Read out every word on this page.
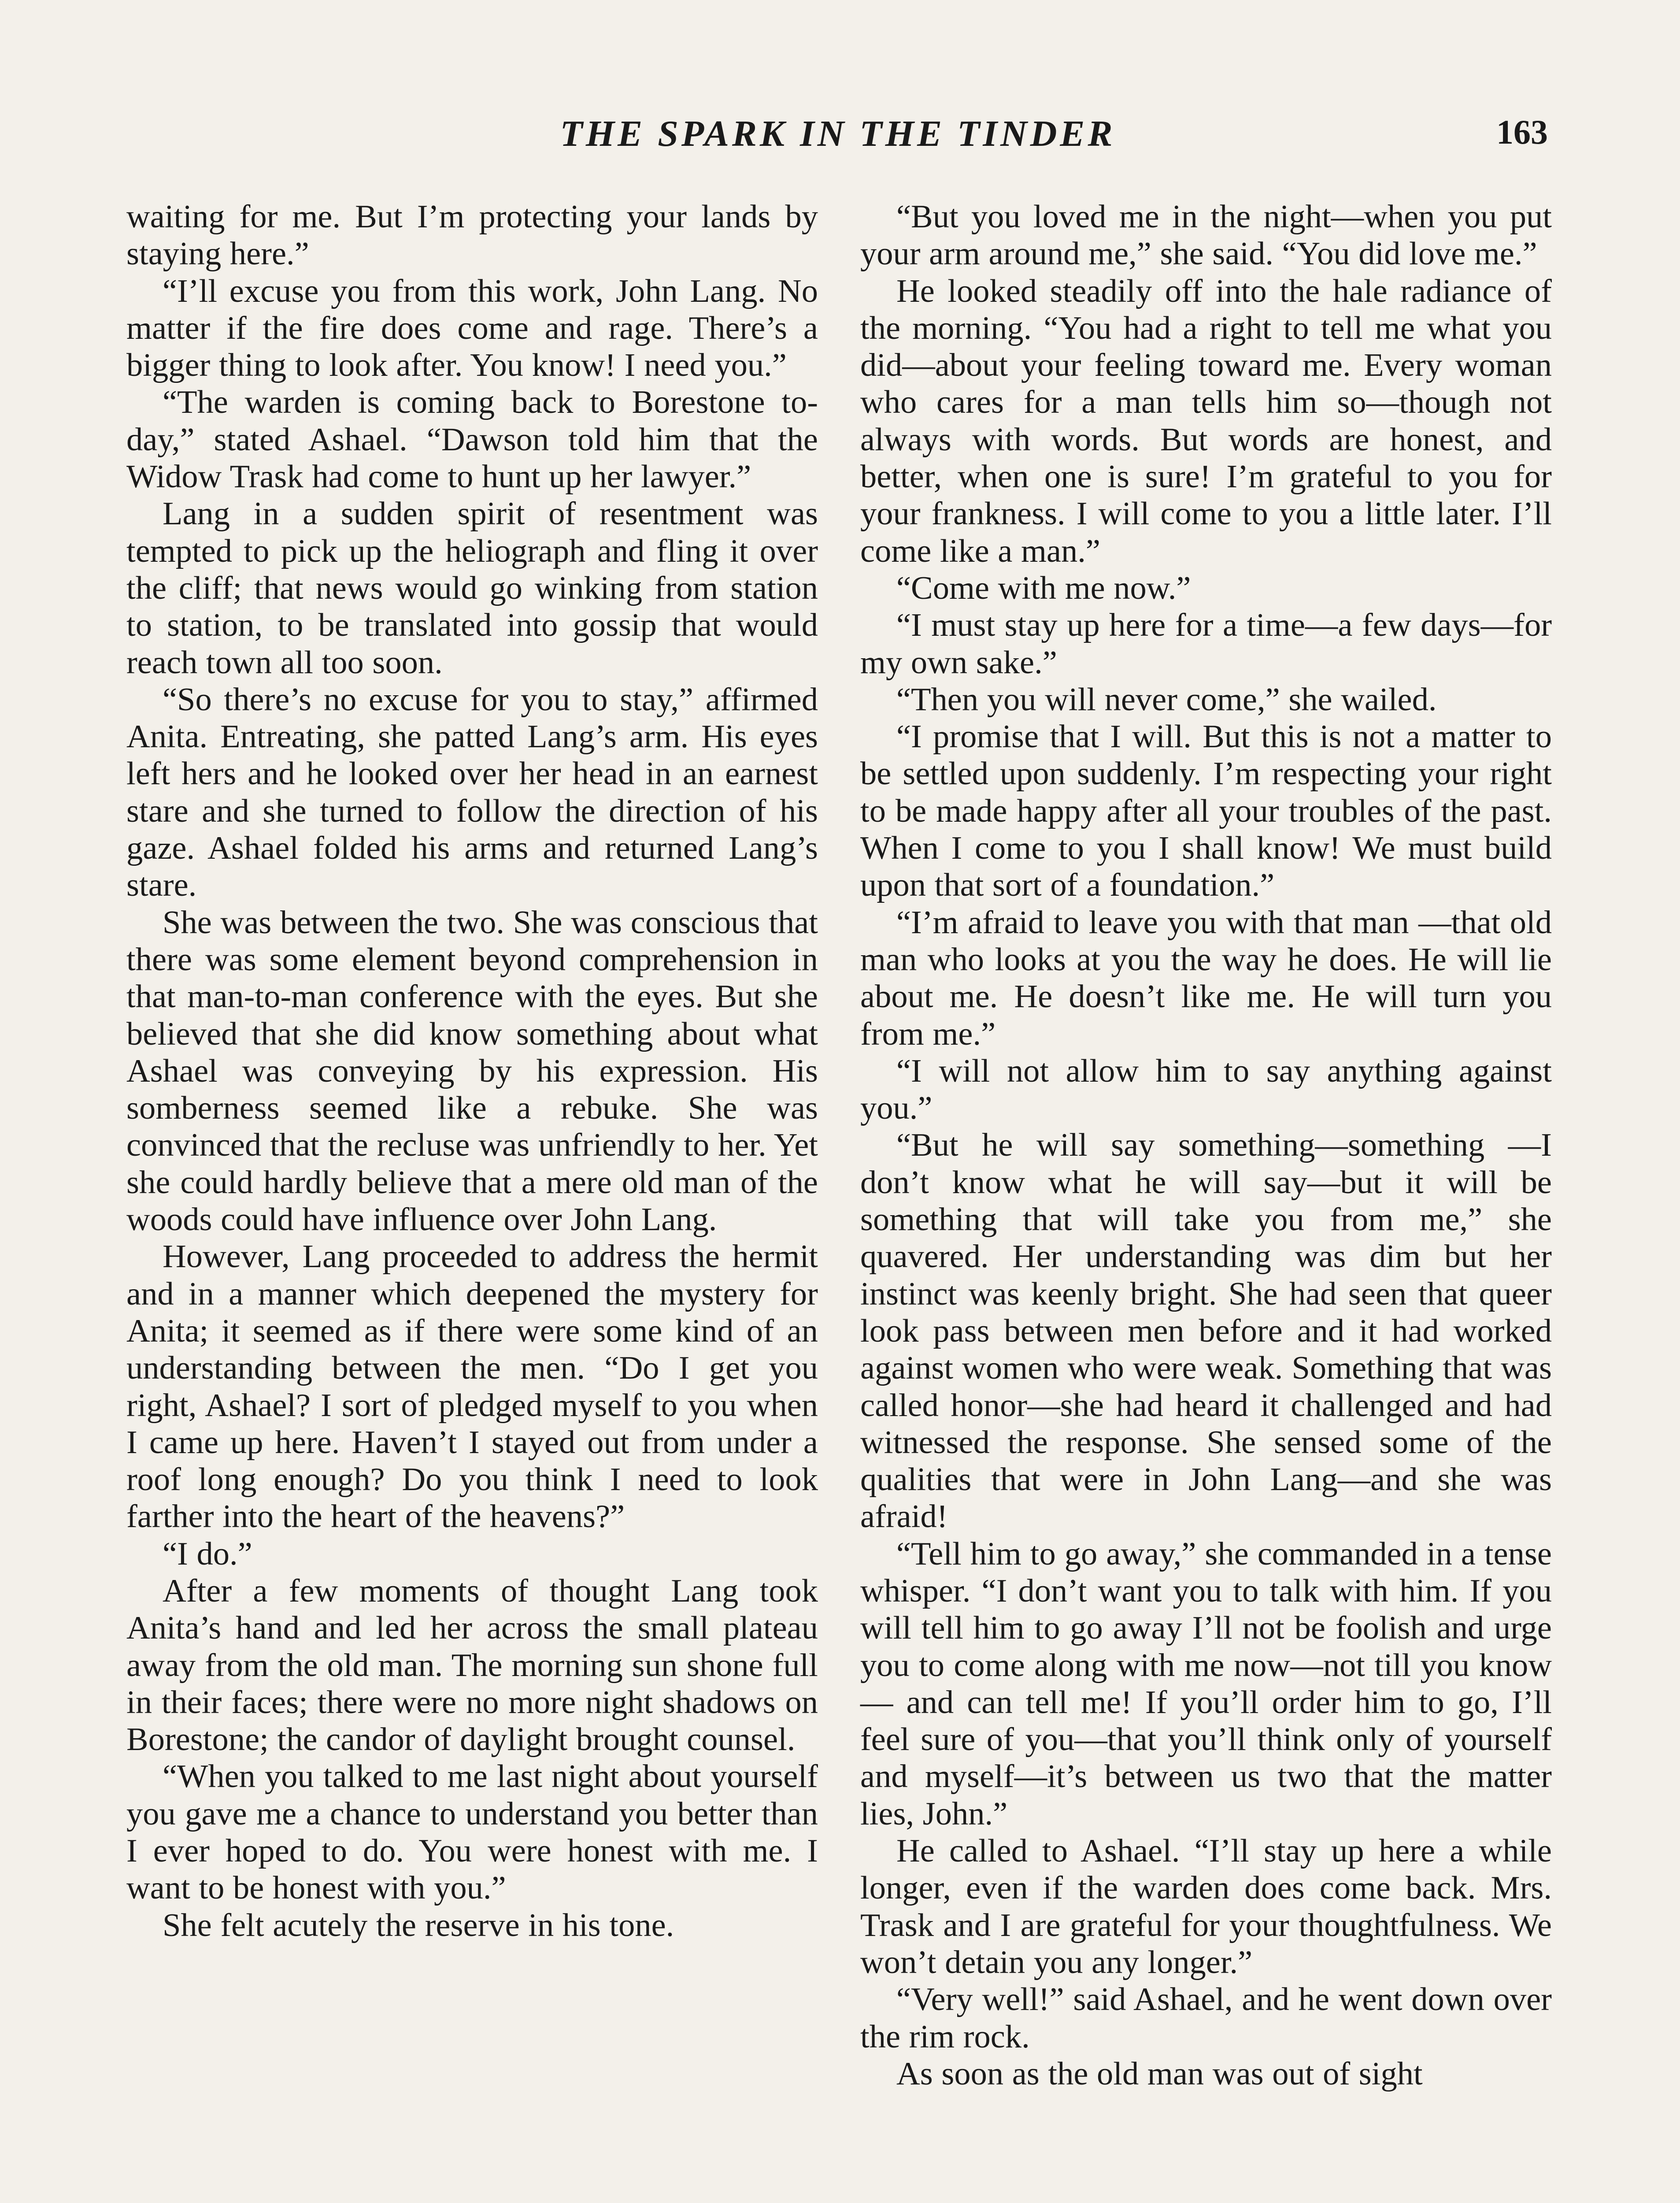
THE SPARK IN THE TINDER	163

waiting for me. But I’m protecting your lands by staying here.”

“I’ll excuse you from this work, John Lang. No matter if the fire does come and rage. There’s a bigger thing to look after. You know! I need you.”

“The warden is coming back to Borestone to-day,” stated Ashael. “Dawson told him that the Widow Trask had come to hunt up her lawyer.”

Lang in a sudden spirit of resentment was tempted to pick up the heliograph and fling it over the cliff; that news would go winking from station to station, to be translated into gossip that would reach town all too soon.

“So there’s no excuse for you to stay,” affirmed Anita. Entreating, she patted Lang’s arm. His eyes left hers and he looked over her head in an earnest stare and she turned to follow the direction of his gaze. Ashael folded his arms and returned Lang’s stare.

She was between the two. She was conscious that there was some element beyond comprehension in that man-to-man conference with the eyes. But she believed that she did know something about what Ashael was conveying by his expression. His somberness seemed like a rebuke. She was convinced that the recluse was unfriendly to her. Yet she could hardly believe that a mere old man of the woods could have influence over John Lang.

However, Lang proceeded to address the hermit and in a manner which deepened the mystery for Anita; it seemed as if there were some kind of an understanding between the men. “Do I get you right, Ashael? I sort of pledged myself to you when I came up here. Haven’t I stayed out from under a roof long enough? Do you think I need to look farther into the heart of the heavens?”

“I do.”

After a few moments of thought Lang took Anita’s hand and led her across the small plateau away from the old man. The morning sun shone full in their faces; there were no more night shadows on Borestone; the candor of daylight brought counsel.

“When you talked to me last night about yourself you gave me a chance to understand you better than I ever hoped to do. You were honest with me. I want to be honest with you.”

She felt acutely the reserve in his tone.

“But you loved me in the night—when you put your arm around me,” she said. “You did love me.”

He looked steadily off into the hale radiance of the morning. “You had a right to tell me what you did—about your feeling toward me. Every woman who cares for a man tells him so—though not always with words. But words are honest, and better, when one is sure! I’m grateful to you for your frankness. I will come to you a little later. I’ll come like a man.”

“Come with me now.”

“I must stay up here for a time—a few days—for my own sake.”

“Then you will never come,” she wailed.

“I promise that I will. But this is not a matter to be settled upon suddenly. I’m respecting your right to be made happy after all your troubles of the past. When I come to you I shall know! We must build upon that sort of a foundation.”

“I’m afraid to leave you with that man —that old man who looks at you the way he does. He will lie about me. He doesn’t like me. He will turn you from me.”

“I will not allow him to say anything against you.”

“But he will say something—something —I don’t know what he will say—but it will be something that will take you from me,” she quavered. Her understanding was dim but her instinct was keenly bright. She had seen that queer look pass between men before and it had worked against women who were weak. Something that was called honor—she had heard it challenged and had witnessed the response. She sensed some of the qualities that were in John Lang—and she was afraid!

“Tell him to go away,” she commanded in a tense whisper. “I don’t want you to talk with him. If you will tell him to go away I’ll not be foolish and urge you to come along with me now—not till you know— and can tell me! If you’ll order him to go, I’ll feel sure of you—that you’ll think only of yourself and myself—it’s between us two that the matter lies, John.”

He called to Ashael. “I’ll stay up here a while longer, even if the warden does come back. Mrs. Trask and I are grateful for your thoughtfulness. We won’t detain you any longer.”

“Very well!” said Ashael, and he went down over the rim rock.

As soon as the old man was out of sight
